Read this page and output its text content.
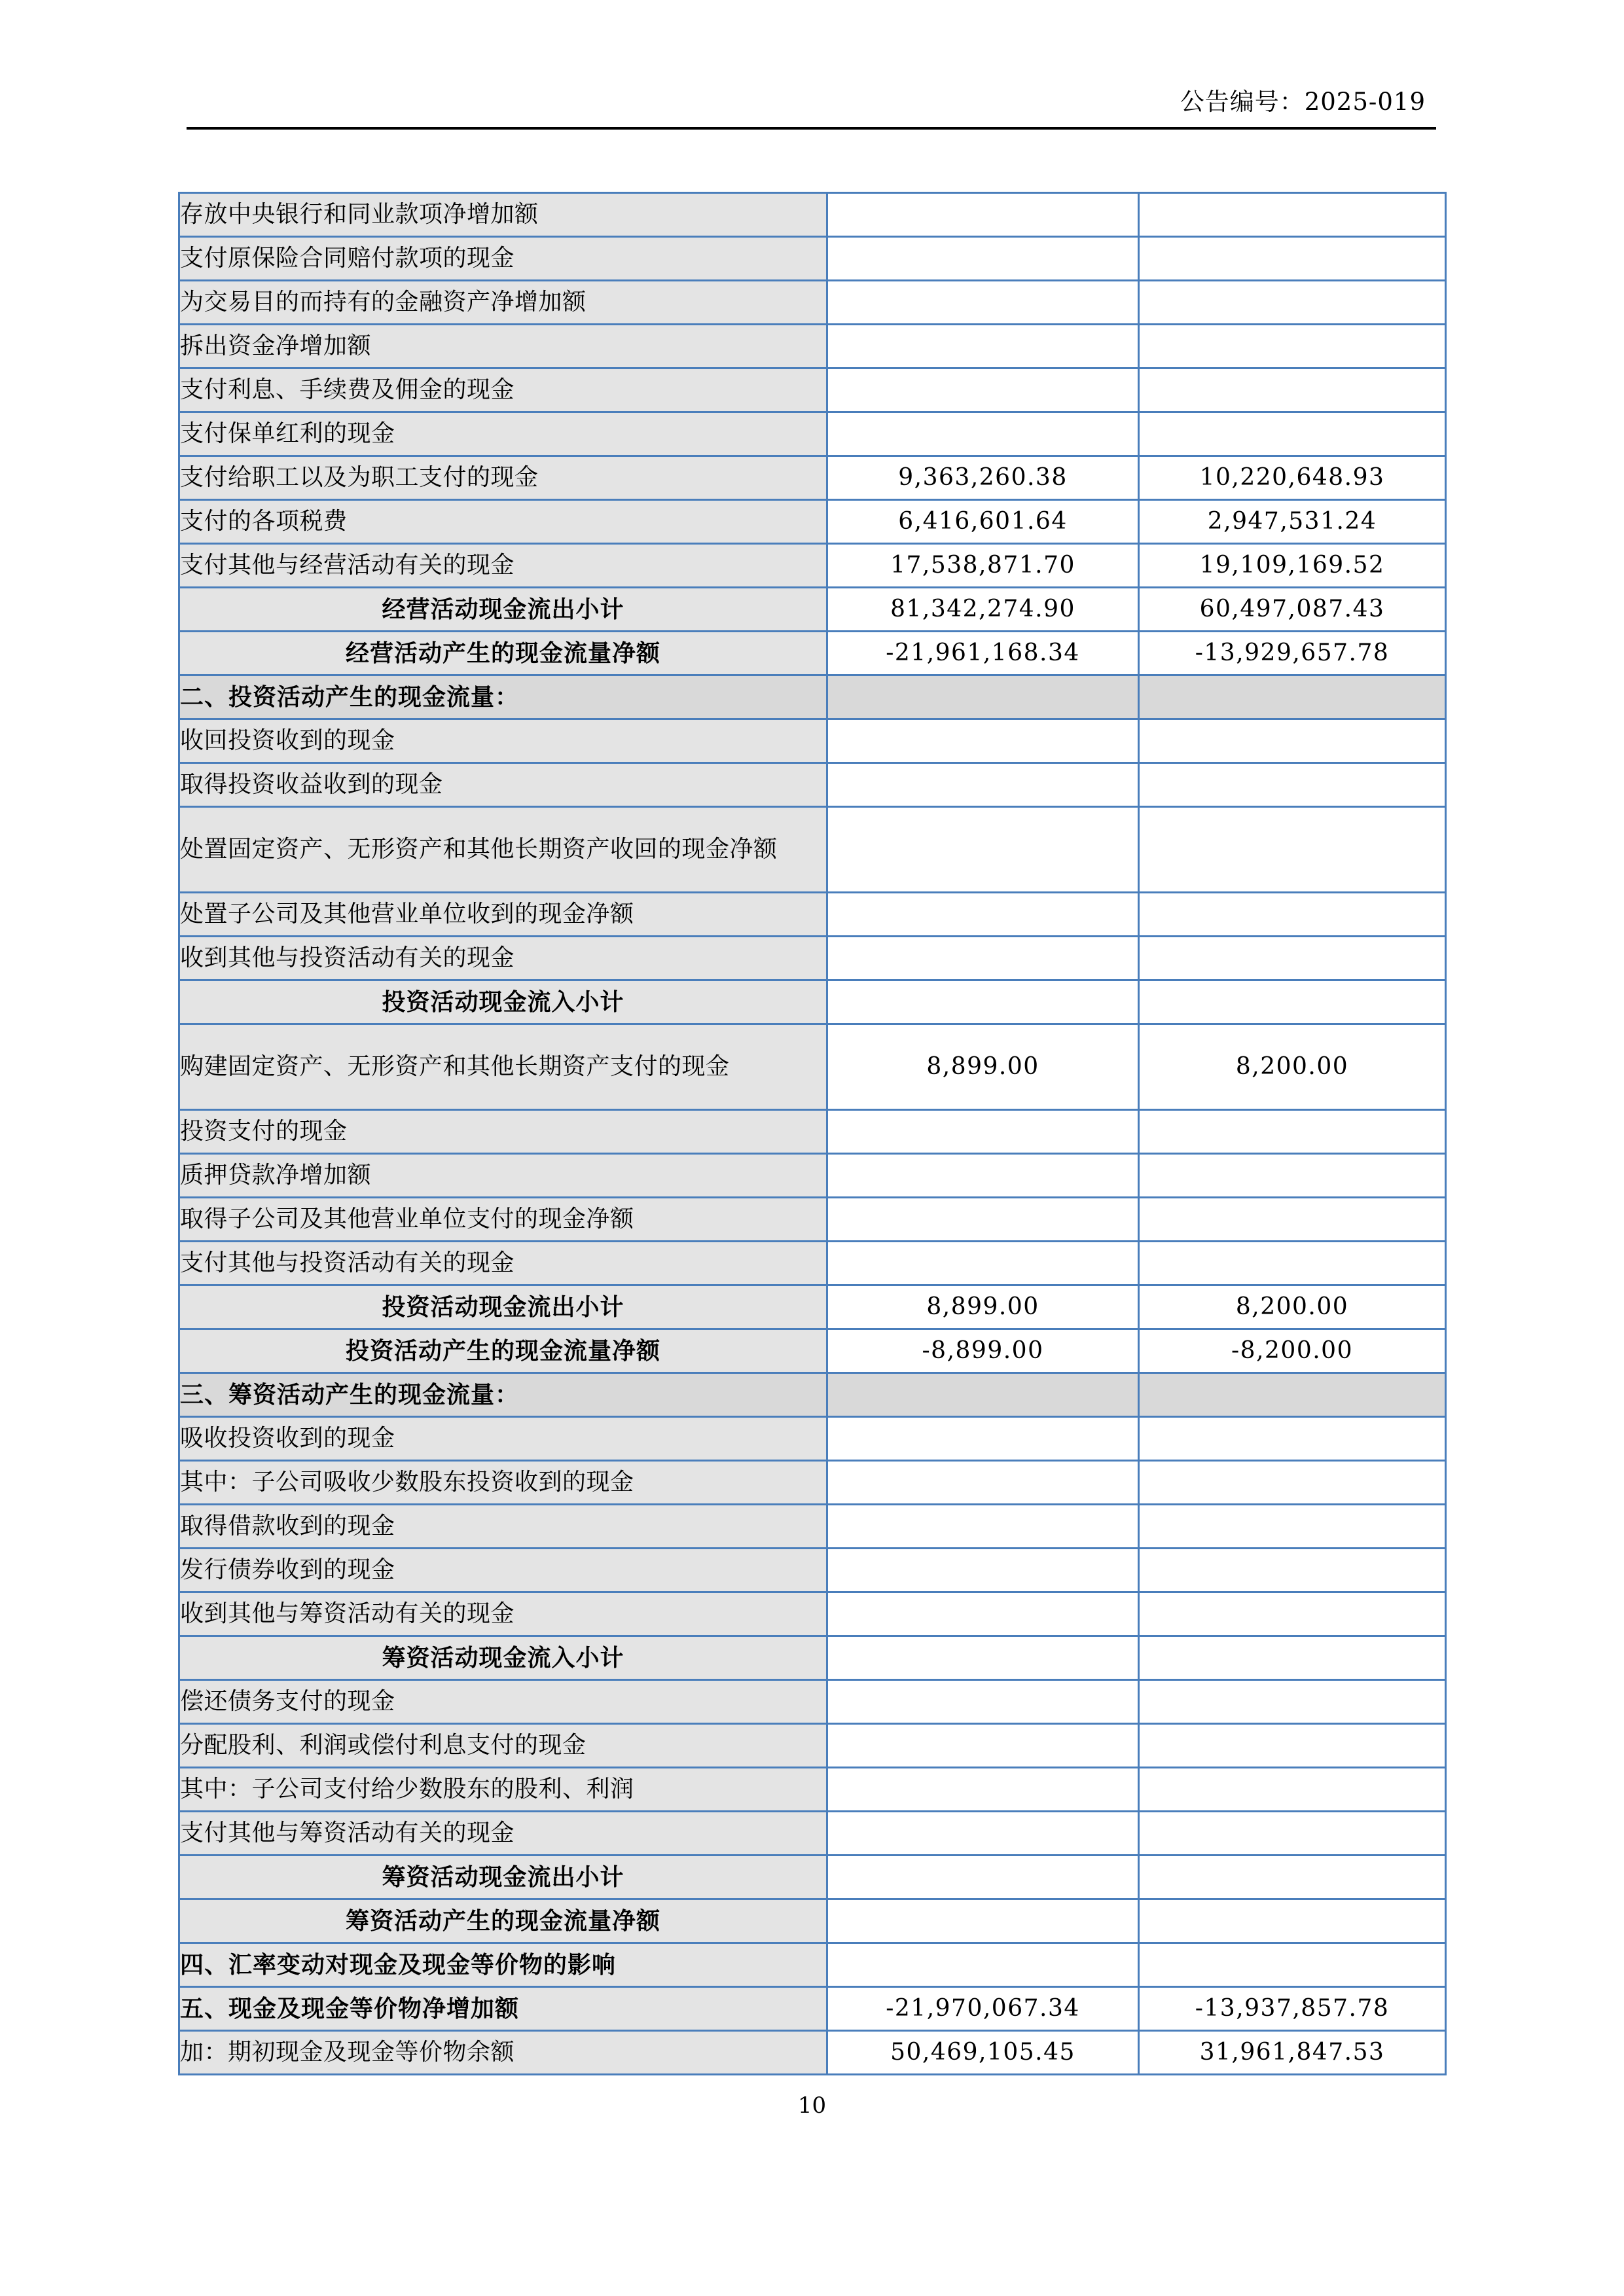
公告编号：2025-019
存放中央银行和同业款项净增加额		
支付原保险合同赔付款项的现金		
为交易目的而持有的金融资产净增加额		
拆出资金净增加额		
支付利息、手续费及佣金的现金		
支付保单红利的现金		
支付给职工以及为职工支付的现金	9,363,260.38	10,220,648.93
支付的各项税费	6,416,601.64	2,947,531.24
支付其他与经营活动有关的现金	17,538,871.70	19,109,169.52
经营活动现金流出小计	81,342,274.90	60,497,087.43
经营活动产生的现金流量净额	-21,961,168.34	-13,929,657.78
二、投资活动产生的现金流量：		
收回投资收到的现金		
取得投资收益收到的现金		
处置固定资产、无形资产和其他长期资产收回的现金净额		
处置子公司及其他营业单位收到的现金净额		
收到其他与投资活动有关的现金		
投资活动现金流入小计		
购建固定资产、无形资产和其他长期资产支付的现金	8,899.00	8,200.00
投资支付的现金		
质押贷款净增加额		
取得子公司及其他营业单位支付的现金净额		
支付其他与投资活动有关的现金		
投资活动现金流出小计	8,899.00	8,200.00
投资活动产生的现金流量净额	-8,899.00	-8,200.00
三、筹资活动产生的现金流量：		
吸收投资收到的现金		
其中：子公司吸收少数股东投资收到的现金		
取得借款收到的现金		
发行债券收到的现金		
收到其他与筹资活动有关的现金		
筹资活动现金流入小计		
偿还债务支付的现金		
分配股利、利润或偿付利息支付的现金		
其中：子公司支付给少数股东的股利、利润		
支付其他与筹资活动有关的现金		
筹资活动现金流出小计		
筹资活动产生的现金流量净额		
四、汇率变动对现金及现金等价物的影响		
五、现金及现金等价物净增加额	-21,970,067.34	-13,937,857.78
加：期初现金及现金等价物余额	50,469,105.45	31,961,847.53
10
